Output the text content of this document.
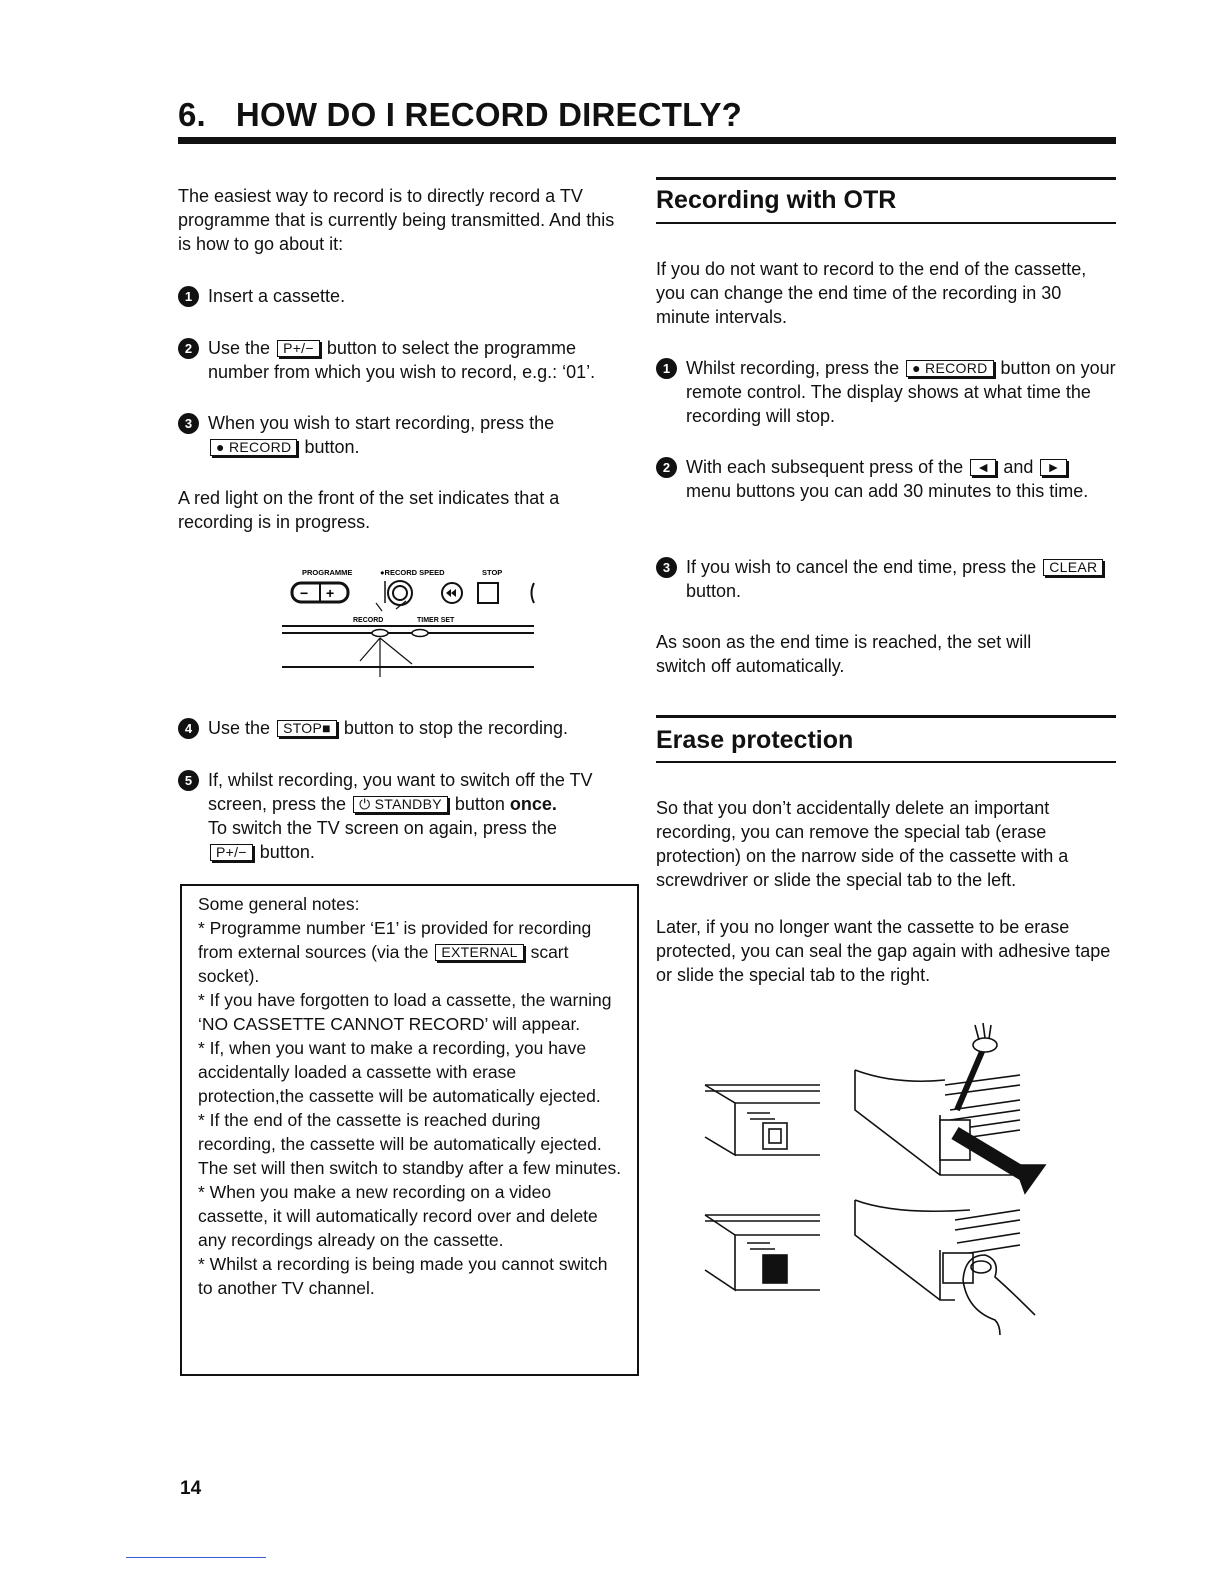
6. HOW DO I RECORD DIRECTLY?

The easiest way to record is to directly record a TV programme that is currently being transmitted. And this is how to go about it:

1 Insert a cassette.
2 Use the P+/− button to select the programme number from which you wish to record, e.g.: ‘01’.
3 When you wish to start recording, press the ● RECORD button.

A red light on the front of the set indicates that a recording is in progress.

PROGRAMME	●RECORD SPEED	STOP
− +
RECORD	TIMER SET
4 Use the STOP■ button to stop the recording.
5 If, whilst recording, you want to switch off the TV screen, press the ⏻ STANDBY button once.
To switch the TV screen on again, press the
P+/− button.

Some general notes:

* Programme number ‘E1’ is provided for recording from external sources (via the EXTERNAL scart socket).

* If you have forgotten to load a cassette, the warning ‘NO CASSETTE CANNOT RECORD’ will appear.

* If, when you want to make a recording, you have accidentally loaded a cassette with erase protection,the cassette will be automatically ejected.

* If the end of the cassette is reached during recording, the cassette will be automatically ejected. The set will then switch to standby after a few minutes.

* When you make a new recording on a video cassette, it will automatically record over and delete any recordings already on the cassette.

* Whilst a recording is being made you cannot switch to another TV channel.

Recording with OTR

If you do not want to record to the end of the cassette, you can change the end time of the recording in 30 minute intervals.

1 Whilst recording, press the ● RECORD button on your remote control. The display shows at what time the recording will stop.
2 With each subsequent press of the ◄ and ► menu buttons you can add 30 minutes to this time.
3 If you wish to cancel the end time, press the CLEAR button.

As soon as the end time is reached, the set will switch off automatically.

Erase protection

So that you don’t accidentally delete an important recording, you can remove the special tab (erase protection) on the narrow side of the cassette with a screwdriver or slide the special tab to the left.

Later, if you no longer want the cassette to be erase protected, you can seal the gap again with adhesive tape or slide the special tab to the right.

14
